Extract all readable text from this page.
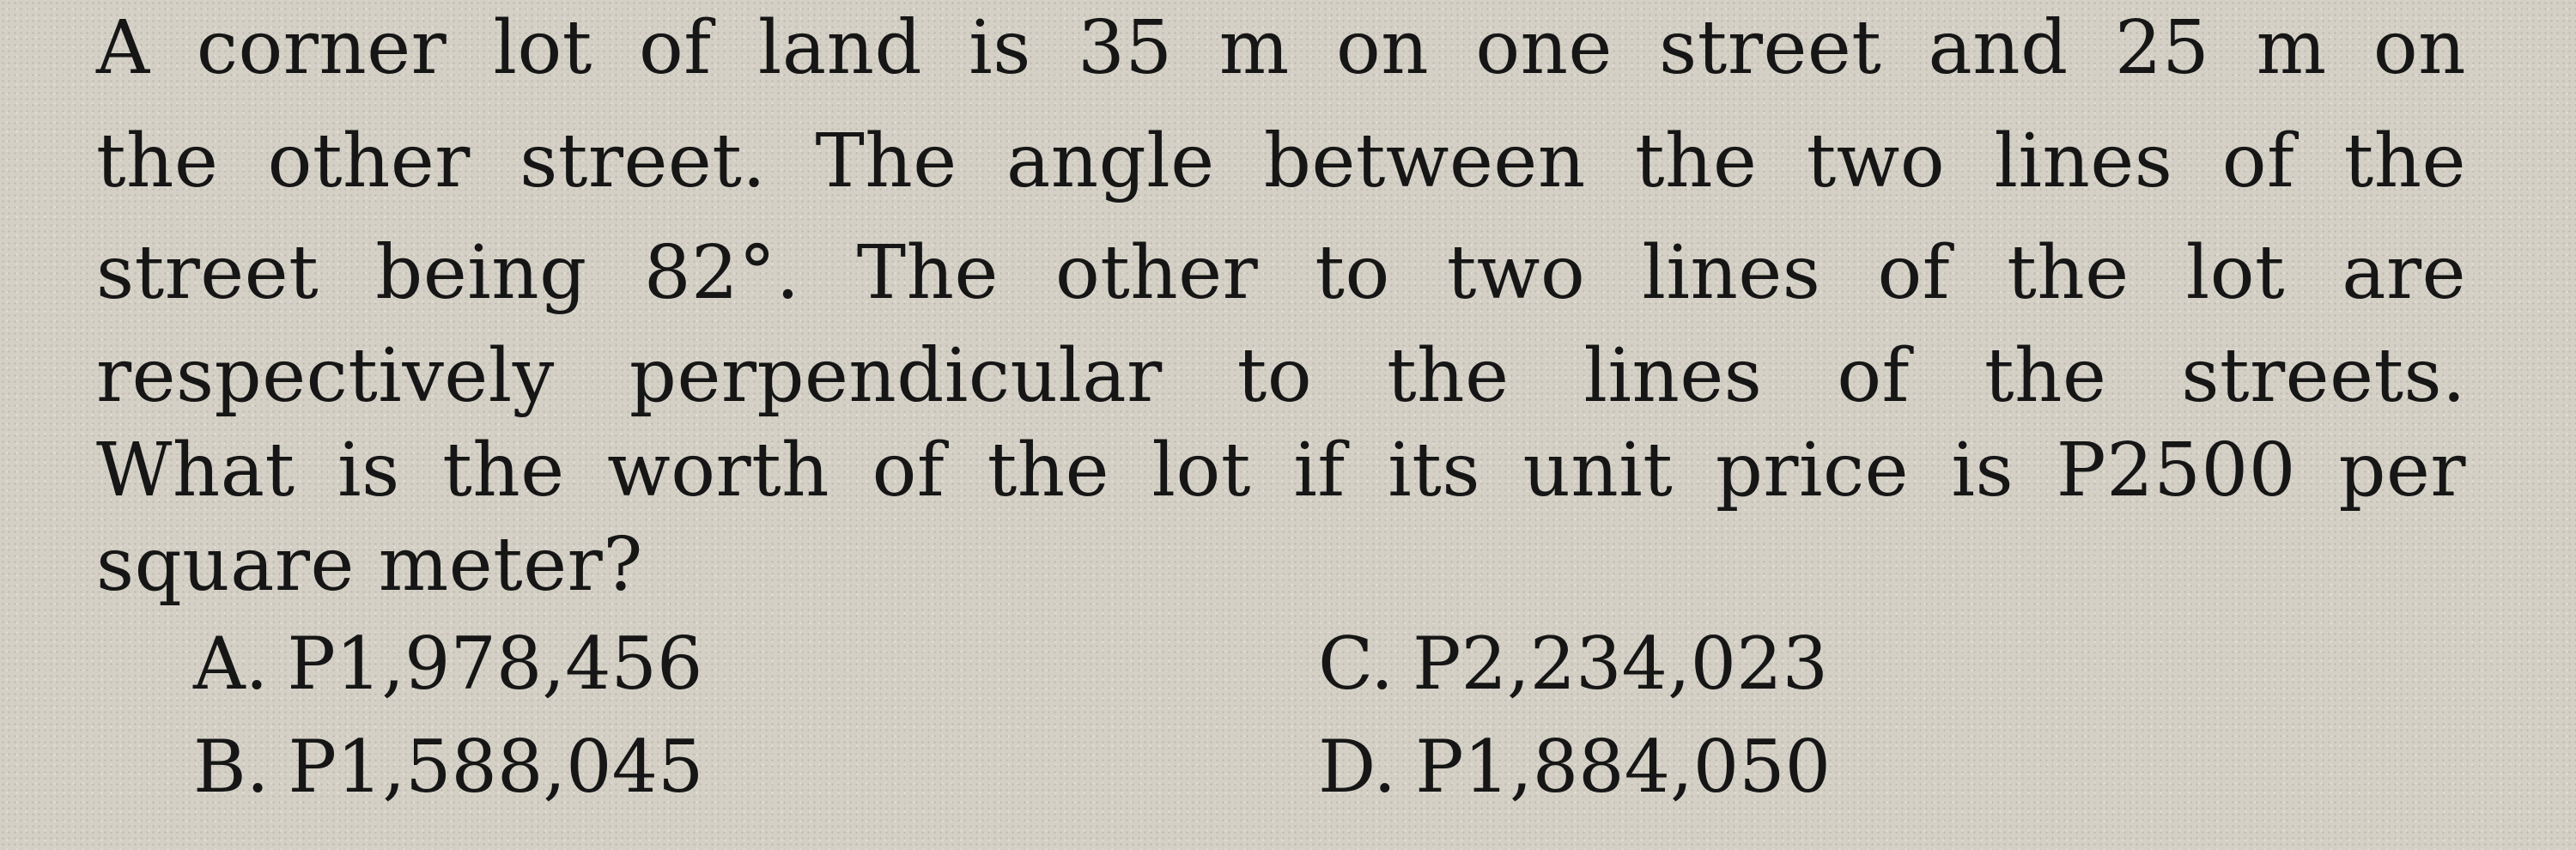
A corner lot of land is 35 m on one street and 25 m on
the other street. The angle between the two lines of the
street being 82°. The other to two lines of the lot are
respectively perpendicular to the lines of the streets.
What is the worth of the lot if its unit price is P2500 per
square meter?
A. P1,978,456
B. P1,588,045
C. P2,234,023
D. P1,884,050
